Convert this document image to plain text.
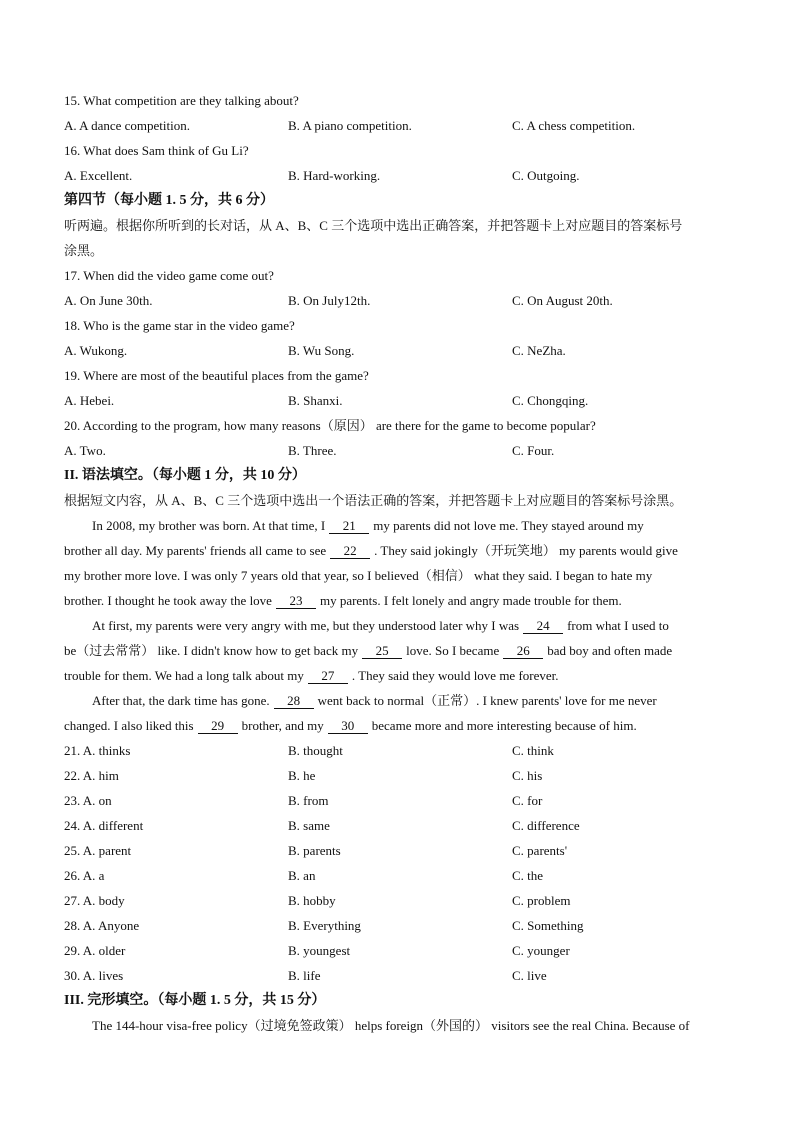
15. What competition are they talking about?
A. A dance competition.	B. A piano competition.	C. A chess competition.
16. What does Sam think of Gu Li?
A. Excellent.	B. Hard-working.	C. Outgoing.
第四节（每小题 1. 5 分，共 6 分）
听两遍。根据你所听到的长对话，从 A、B、C 三个选项中选出正确答案，并把答题卡上对应题目的答案标号
涂黑。
17. When did the video game come out?
A. On June 30th.	B. On July12th.	C. On August 20th.
18. Who is the game star in the video game?
A. Wukong.	B. Wu Song.	C. NeZha.
19. Where are most of the beautiful places from the game?
A. Hebei.	B. Shanxi.	C. Chongqing.
20. According to the program, how many reasons（原因） are there for the game to become popular?
A. Two.	B. Three.	C. Four.
II. 语法填空。（每小题 1 分，共 10 分）
根据短文内容，从 A、B、C 三个选项中选出一个语法正确的答案，并把答题卡上对应题目的答案标号涂黑。
In 2008, my brother was born. At that time, I 21 my parents did not love me. They stayed around my
brother all day. My parents' friends all came to see 22 . They said jokingly（开玩笑地） my parents would give
my brother more love. I was only 7 years old that year, so I believed（相信） what they said. I began to hate my
brother. I thought he took away the love 23 my parents. I felt lonely and angry made trouble for them.
At first, my parents were very angry with me, but they understood later why I was 24 from what I used to
be（过去常常） like. I didn't know how to get back my 25 love. So I became 26 bad boy and often made
trouble for them. We had a long talk about my 27 . They said they would love me forever.
After that, the dark time has gone. 28 went back to normal（正常）. I knew parents' love for me never
changed. I also liked this 29 brother, and my 30 became more and more interesting because of him.
21. A. thinks	B. thought	C. think
22. A. him	B. he	C. his
23. A. on	B. from	C. for
24. A. different	B. same	C. difference
25. A. parent	B. parents	C. parents'
26. A. a	B. an	C. the
27. A. body	B. hobby	C. problem
28. A. Anyone	B. Everything	C. Something
29. A. older	B. youngest	C. younger
30. A. lives	B. life	C. live
III. 完形填空。（每小题 1. 5 分，共 15 分）
The 144-hour visa-free policy（过境免签政策） helps foreign（外国的） visitors see the real China. Because of
